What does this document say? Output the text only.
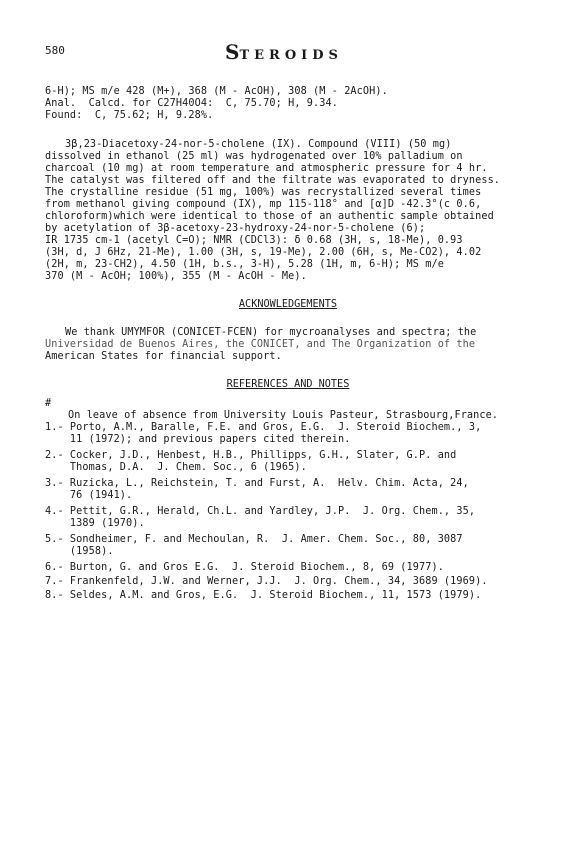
580	STEROIDS
6-H); MS m/e 428 (M+), 368 (M - AcOH), 308 (M - 2AcOH).
Anal.  Calcd. for C27H40O4:  C, 75.70; H, 9.34.
Found:  C, 75.62; H, 9.28%.
3β,23-Diacetoxy-24-nor-5-cholene (IX). Compound (VIII) (50 mg)
dissolved in ethanol (25 ml) was hydrogenated over 10% palladium on
charcoal (10 mg) at room temperature and atmospheric pressure for 4 hr.
The catalyst was filtered off and the filtrate was evaporated to dryness.
The crystalline residue (51 mg, 100%) was recrystallized several times
from methanol giving compound (IX), mp 115-118° and [α]D -42.3°(c 0.6,
chloroform)which were identical to those of an authentic sample obtained
by acetylation of 3β-acetoxy-23-hydroxy-24-nor-5-cholene (6);
IR 1735 cm-1 (acetyl C=O); NMR (CDCl3): δ 0.68 (3H, s, 18-Me), 0.93
(3H, d, J 6Hz, 21-Me), 1.00 (3H, s, 19-Me), 2.00 (6H, s, Me-CO2), 4.02
(2H, m, 23-CH2), 4.50 (1H, b.s., 3-H), 5.28 (1H, m, 6-H); MS m/e
370 (M - AcOH; 100%), 355 (M - AcOH - Me).
ACKNOWLEDGEMENTS
We thank UMYMFOR (CONICET-FCEN) for mycroanalyses and spectra; the
Universidad de Buenos Aires, the CONICET, and The Organization of the
American States for financial support.
REFERENCES AND NOTES
#
On leave of absence from University Louis Pasteur, Strasbourg,France.
1.- Porto, A.M., Baralle, F.E. and Gros, E.G.  J. Steroid Biochem., 3,
11 (1972); and previous papers cited therein.
2.- Cocker, J.D., Henbest, H.B., Phillipps, G.H., Slater, G.P. and
Thomas, D.A.  J. Chem. Soc., 6 (1965).
3.- Ruzicka, L., Reichstein, T. and Furst, A.  Helv. Chim. Acta, 24,
76 (1941).
4.- Pettit, G.R., Herald, Ch.L. and Yardley, J.P.  J. Org. Chem., 35,
1389 (1970).
5.- Sondheimer, F. and Mechoulan, R.  J. Amer. Chem. Soc., 80, 3087
(1958).
6.- Burton, G. and Gros E.G.  J. Steroid Biochem., 8, 69 (1977).
7.- Frankenfeld, J.W. and Werner, J.J.  J. Org. Chem., 34, 3689 (1969).
8.- Seldes, A.M. and Gros, E.G.  J. Steroid Biochem., 11, 1573 (1979).
